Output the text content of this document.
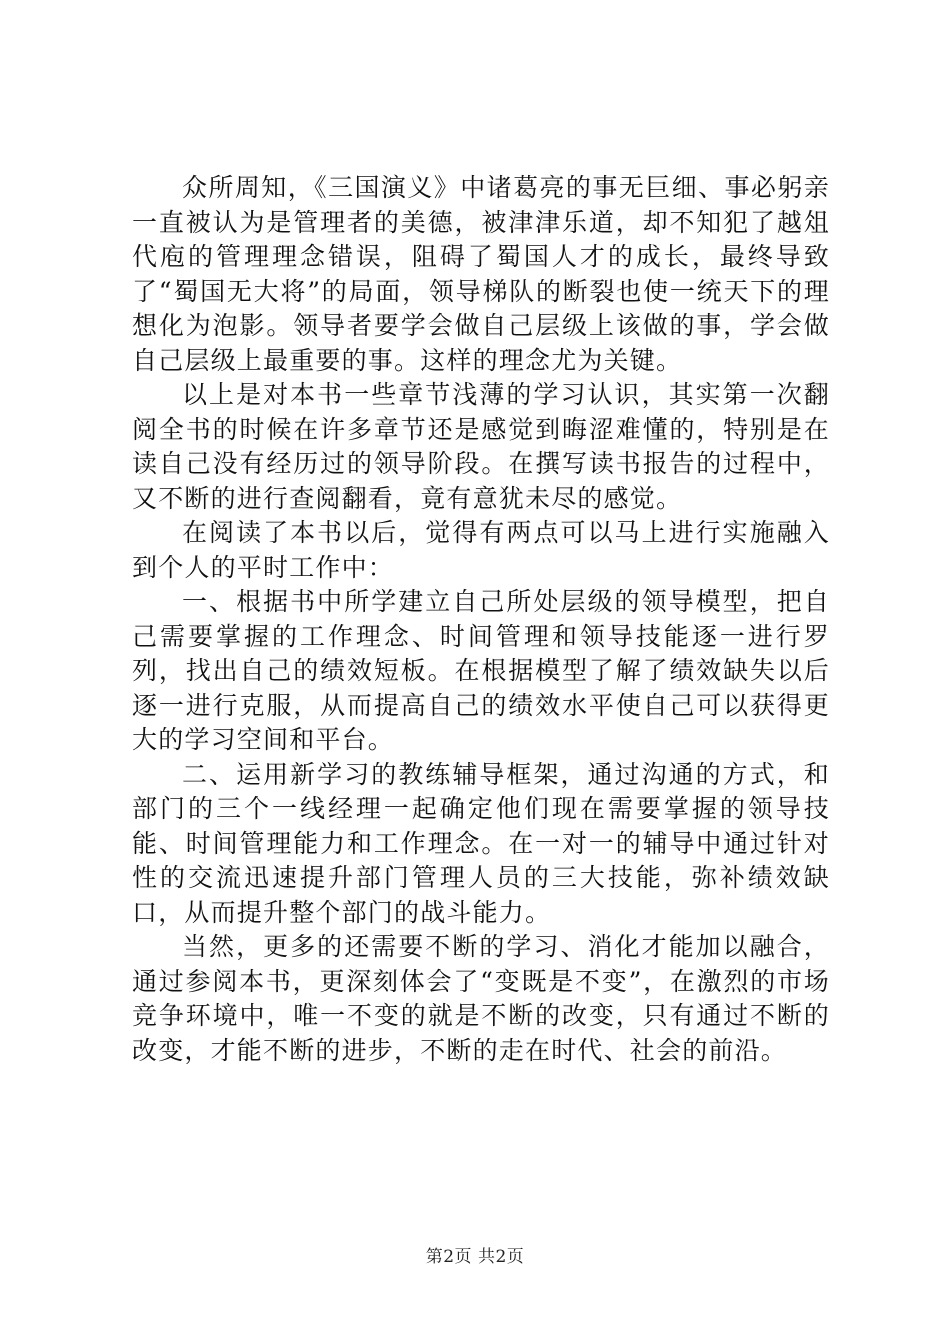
众所周知，《三国演义》中诸葛亮的事无巨细、事必躬亲一直被认为是管理者的美德，被津津乐道，却不知犯了越俎代庖的管理理念错误，阻碍了蜀国人才的成长，最终导致了“蜀国无大将”的局面，领导梯队的断裂也使一统天下的理想化为泡影。领导者要学会做自己层级上该做的事，学会做自己层级上最重要的事。这样的理念尤为关键。

以上是对本书一些章节浅薄的学习认识，其实第一次翻阅全书的时候在许多章节还是感觉到晦涩难懂的，特别是在读自己没有经历过的领导阶段。在撰写读书报告的过程中，又不断的进行查阅翻看，竟有意犹未尽的感觉。

在阅读了本书以后，觉得有两点可以马上进行实施融入到个人的平时工作中：

一、根据书中所学建立自己所处层级的领导模型，把自己需要掌握的工作理念、时间管理和领导技能逐一进行罗列，找出自己的绩效短板。在根据模型了解了绩效缺失以后逐一进行克服，从而提高自己的绩效水平使自己可以获得更大的学习空间和平台。

二、运用新学习的教练辅导框架，通过沟通的方式，和部门的三个一线经理一起确定他们现在需要掌握的领导技能、时间管理能力和工作理念。在一对一的辅导中通过针对性的交流迅速提升部门管理人员的三大技能，弥补绩效缺口，从而提升整个部门的战斗能力。

当然，更多的还需要不断的学习、消化才能加以融合，通过参阅本书，更深刻体会了“变既是不变”，在激烈的市场竞争环境中，唯一不变的就是不断的改变，只有通过不断的改变，才能不断的进步，不断的走在时代、社会的前沿。

第2页 共2页
